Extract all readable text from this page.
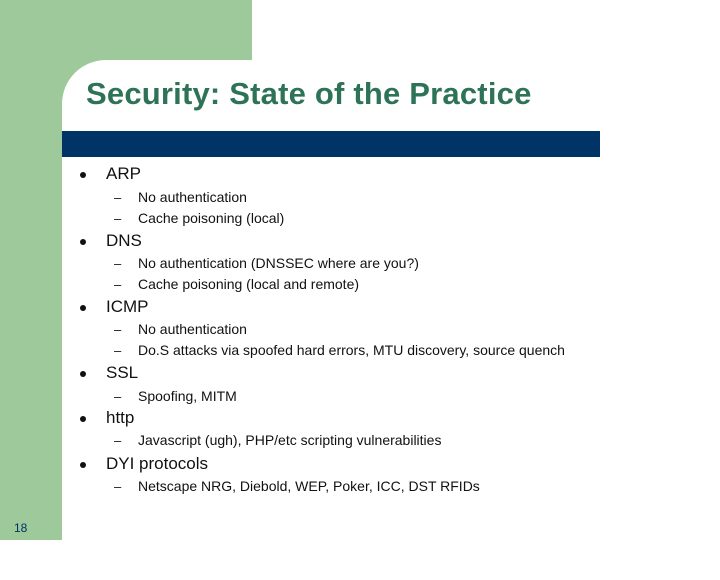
Security: State of the Practice
ARP
– No authentication
– Cache poisoning (local)
DNS
– No authentication (DNSSEC where are you?)
– Cache poisoning (local and remote)
ICMP
– No authentication
– Do.S attacks via spoofed hard errors, MTU discovery, source quench
SSL
– Spoofing, MITM
http
– Javascript (ugh), PHP/etc scripting vulnerabilities
DYI protocols
– Netscape NRG, Diebold, WEP, Poker, ICC, DST RFIDs
18
